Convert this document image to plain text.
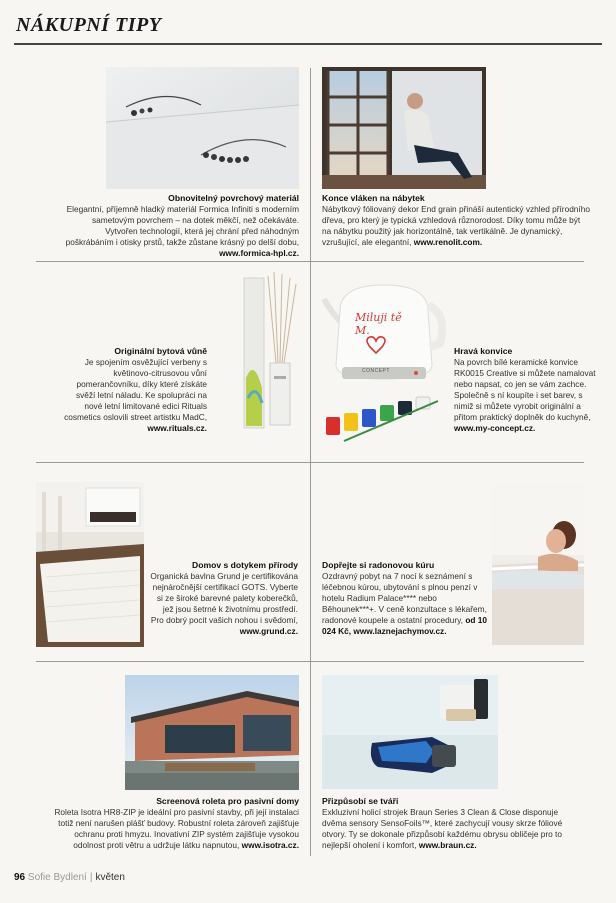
NÁKUPNÍ TIPY
Obnovitelný povrchový materiál
Elegantní, příjemně hladký materiál Formica Infiniti s moderním sametovým povrchem – na dotek měkčí, než očekáváte. Vytvořen technologií, která jej chrání před náhodným poškrábáním i otisky prstů, takže zůstane krásný po delší dobu, www.formica-hpl.cz.
Konce vláken na nábytek
Nábytkový fóliovaný dekor End grain přináší autentický vzhled přírodního dřeva, pro který je typická vzhledová různorodost. Díky tomu může být na nábytku použitý jak horizontálně, tak vertikálně. Je dynamický, vzrušující, ale elegantní, www.renolit.com.
Originální bytová vůně
Je spojením osvěžující verbeny s květinovo-citrusovou vůní pomerančovníku, díky které získáte svěží letní náladu. Ke spolupráci na nové letní limitované edici Rituals cosmetics oslovili street artistku MadC, www.rituals.cz.
Miluji tě M.
CONCEPT
Hravá konvice
Na povrch bílé keramické konvice RK0015 Creative si můžete namalovat nebo napsat, co jen se vám zachce. Společně s ní koupíte i set barev, s nimiž si můžete vyrobit originální a přitom praktický doplněk do kuchyně, www.my-concept.cz.
Domov s dotykem přírody
Organická bavlna Grund je certifikována nejnáročnější certifikací GOTS. Vyberte si ze široké barevné palety koberečků, jež jsou šetrné k životnímu prostředí. Pro dobrý pocit vašich nohou i svědomí, www.grund.cz.
Dopřejte si radonovou kúru
Ozdravný pobyt na 7 nocí k seznámení s léčebnou kúrou, ubytování s plnou penzí v hotelu Radium Palace**** nebo Běhounek***+. V ceně konzultace s lékařem, radonové koupele a ostatní procedury, od 10 024 Kč, www.laznejachymov.cz.
Screenová roleta pro pasivní domy
Roleta Isotra HR8-ZIP je ideální pro pasivní stavby, při její instalaci totiž není narušen plášť budovy. Robustní roleta zároveň zajišťuje ochranu proti hmyzu. Inovativní ZIP systém zajišťuje vysokou odolnost proti větru a udržuje látku napnutou, www.isotra.cz.
Přizpůsobí se tváři
Exkluzivní holicí strojek Braun Series 3 Clean & Close disponuje dvěma sensory SensoFoils™, které zachycují vousy skrze fóliové otvory. Ty se dokonale přizpůsobí každému obrysu obličeje pro to nejlepší oholení i komfort, www.braun.cz.
96 Sofie Bydlení | květen
